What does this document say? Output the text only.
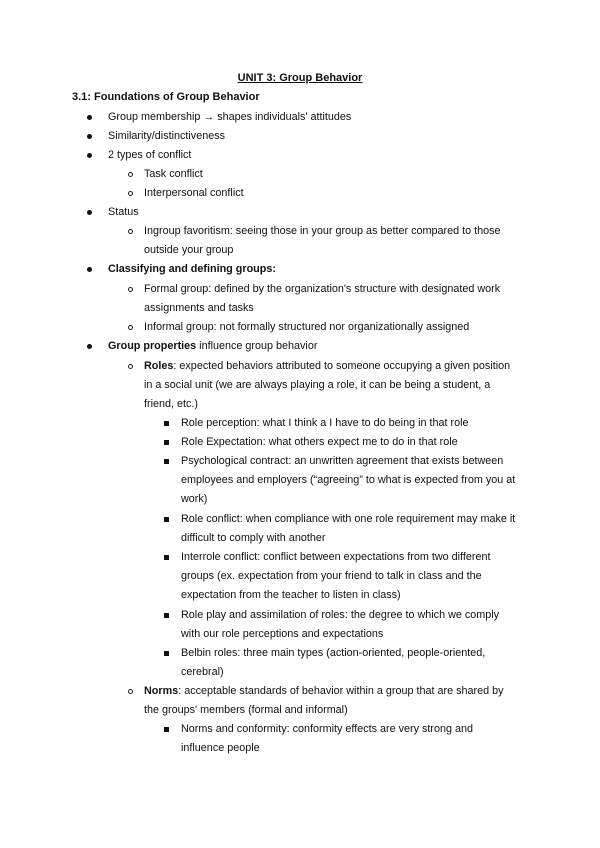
UNIT 3: Group Behavior
3.1: Foundations of Group Behavior
Group membership → shapes individuals' attitudes
Similarity/distinctiveness
2 types of conflict
Task conflict
Interpersonal conflict
Status
Ingroup favoritism: seeing those in your group as better compared to those
outside your group
Classifying and defining groups:
Formal group: defined by the organization's structure with designated work
assignments and tasks
Informal group: not formally structured nor organizationally assigned
Group properties influence group behavior
Roles: expected behaviors attributed to someone occupying a given position
in a social unit (we are always playing a role, it can be being a student, a
friend, etc.)
Role perception: what I think a I have to do being in that role
Role Expectation: what others expect me to do in that role
Psychological contract: an unwritten agreement that exists between
employees and employers (“agreeing” to what is expected from you at
work)
Role conflict: when compliance with one role requirement may make it
difficult to comply with another
Interrole conflict: conflict between expectations from two different
groups (ex. expectation from your friend to talk in class and the
expectation from the teacher to listen in class)
Role play and assimilation of roles: the degree to which we comply
with our role perceptions and expectations
Belbin roles: three main types (action-oriented, people-oriented,
cerebral)
Norms: acceptable standards of behavior within a group that are shared by
the groups' members (formal and informal)
Norms and conformity: conformity effects are very strong and
influence people
